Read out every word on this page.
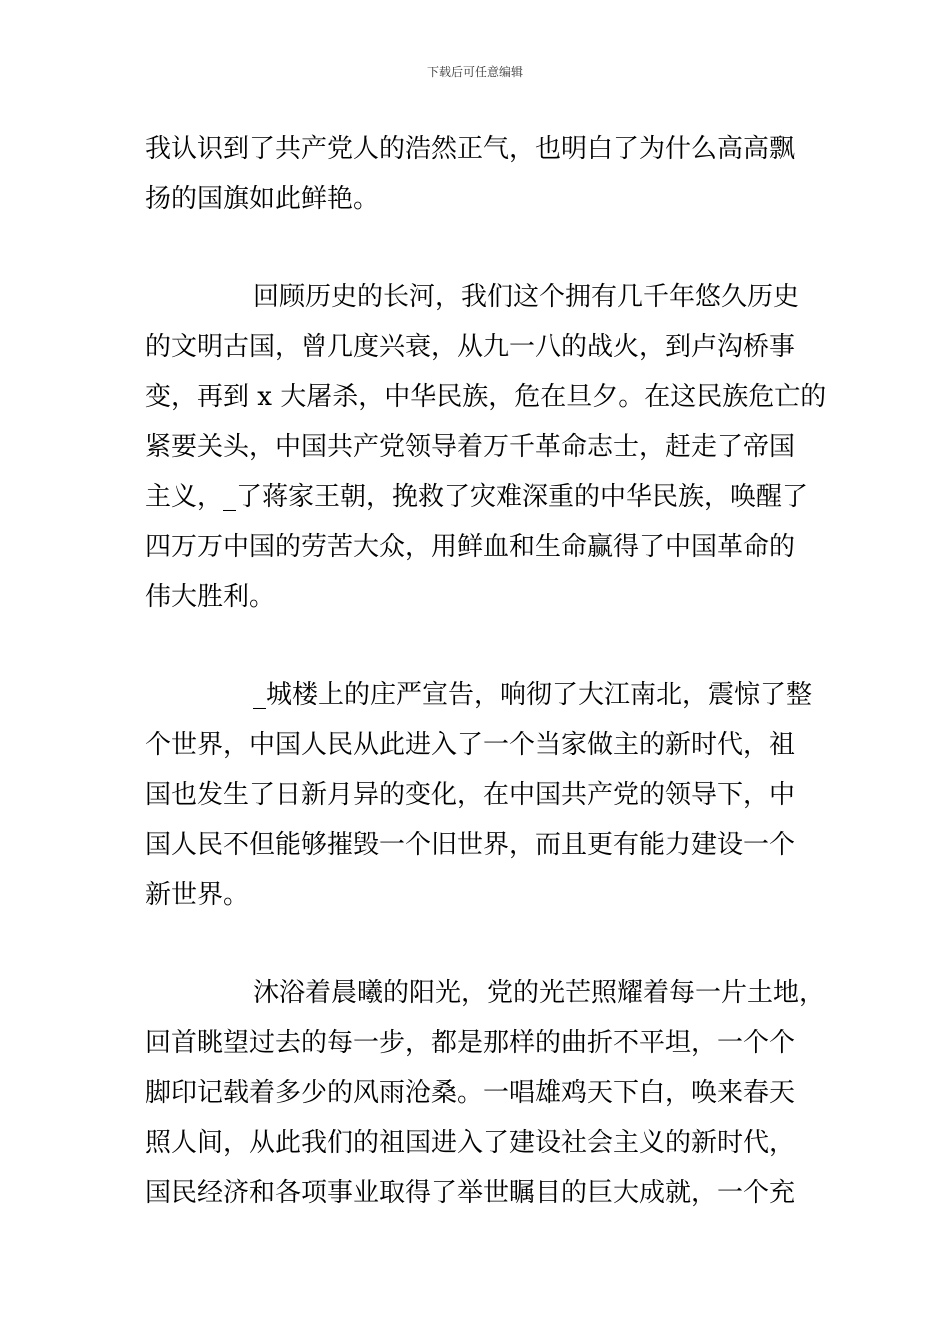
下载后可任意编辑
我认识到了共产党人的浩然正气，也明白了为什么高高飘
扬的国旗如此鲜艳。
回顾历史的长河，我们这个拥有几千年悠久历史
的文明古国，曾几度兴衰，从九一八的战火，到卢沟桥事
变，再到 x 大屠杀，中华民族，危在旦夕。在这民族危亡的
紧要关头，中国共产党领导着万千革命志士，赶走了帝国
主义，_了蒋家王朝，挽救了灾难深重的中华民族，唤醒了
四万万中国的劳苦大众，用鲜血和生命赢得了中国革命的
伟大胜利。
_城楼上的庄严宣告，响彻了大江南北，震惊了整
个世界，中国人民从此进入了一个当家做主的新时代，祖
国也发生了日新月异的变化，在中国共产党的领导下，中
国人民不但能够摧毁一个旧世界，而且更有能力建设一个
新世界。
沐浴着晨曦的阳光，党的光芒照耀着每一片土地，
回首眺望过去的每一步，都是那样的曲折不平坦，一个个
脚印记载着多少的风雨沧桑。一唱雄鸡天下白，唤来春天
照人间，从此我们的祖国进入了建设社会主义的新时代，
国民经济和各项事业取得了举世瞩目的巨大成就，一个充
